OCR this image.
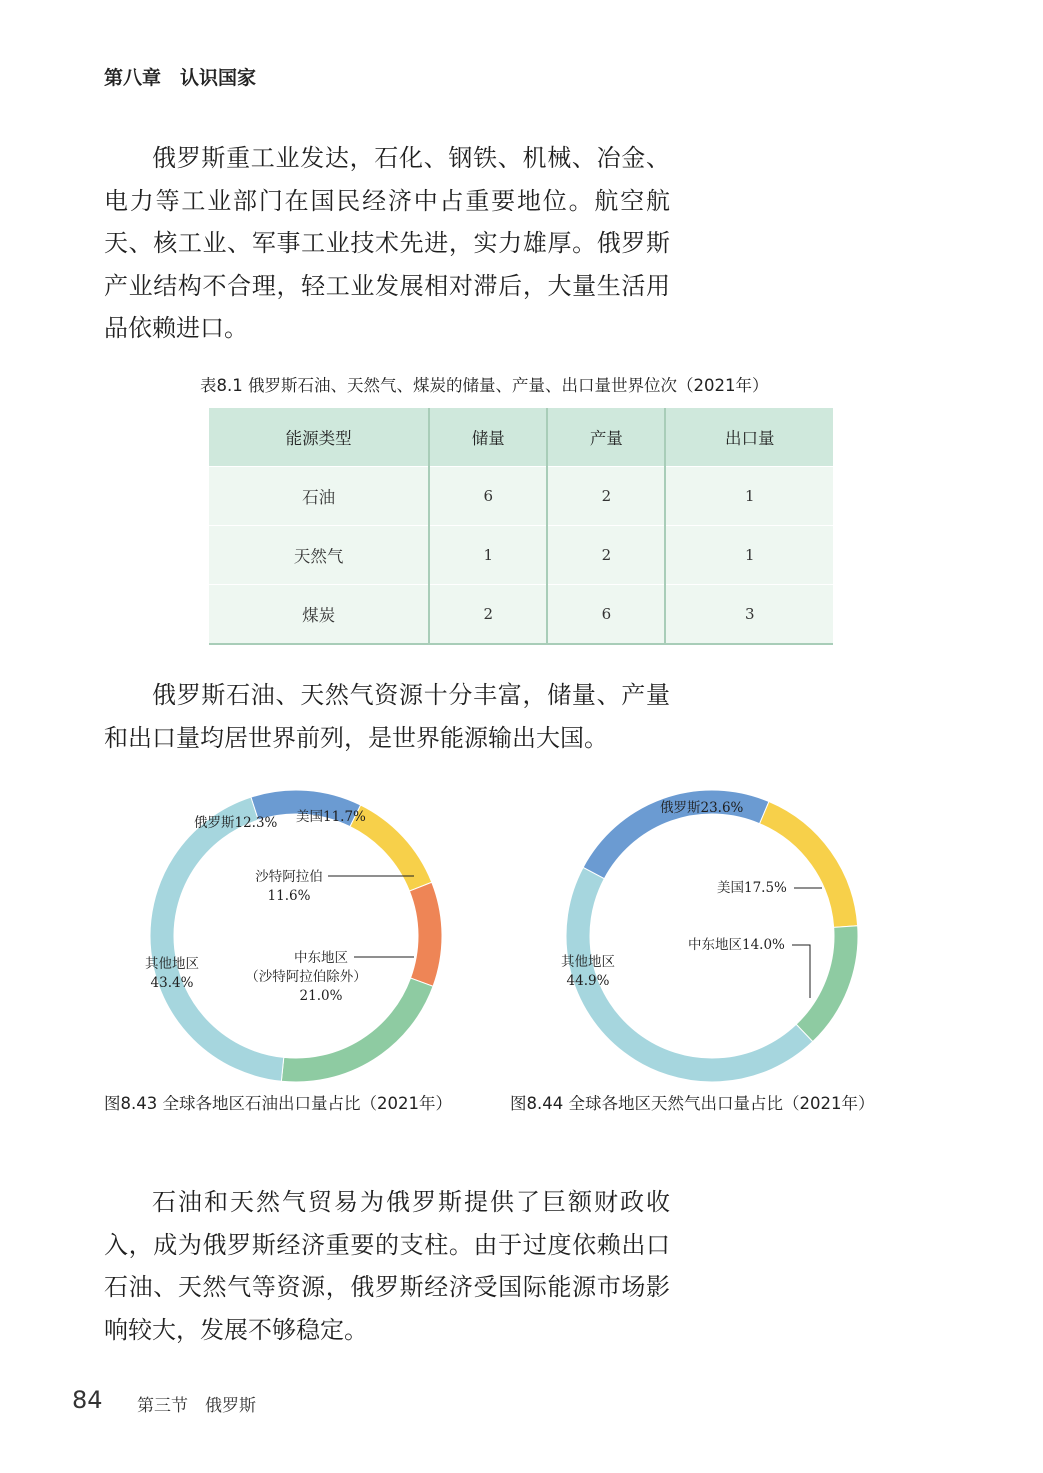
第八章　认识国家

俄罗斯重工业发达，石化、钢铁、机械、冶金、电力等工业部门在国民经济中占重要地位。航空航天、核工业、军事工业技术先进，实力雄厚。俄罗斯产业结构不合理，轻工业发展相对滞后，大量生活用品依赖进口。

表8.1 俄罗斯石油、天然气、煤炭的储量、产量、出口量世界位次（2021年）
能源类型	储量	产量	出口量
石油	6	2	1
天然气	1	2	1
煤炭	2	6	3

俄罗斯石油、天然气资源十分丰富，储量、产量和出口量均居世界前列，是世界能源输出大国。

俄罗斯12.3% 美国11.7%
沙特阿拉伯
11.6%
中东地区
（沙特阿拉伯除外）
21.0%
其他地区
43.4%
俄罗斯23.6%
美国17.5%
中东地区14.0%
其他地区
44.9%
图8.43 全球各地区石油出口量占比（2021年）	图8.44 全球各地区天然气出口量占比（2021年）

石油和天然气贸易为俄罗斯提供了巨额财政收入，成为俄罗斯经济重要的支柱。由于过度依赖出口石油、天然气等资源，俄罗斯经济受国际能源市场影响较大，发展不够稳定。

84 第三节　俄罗斯
